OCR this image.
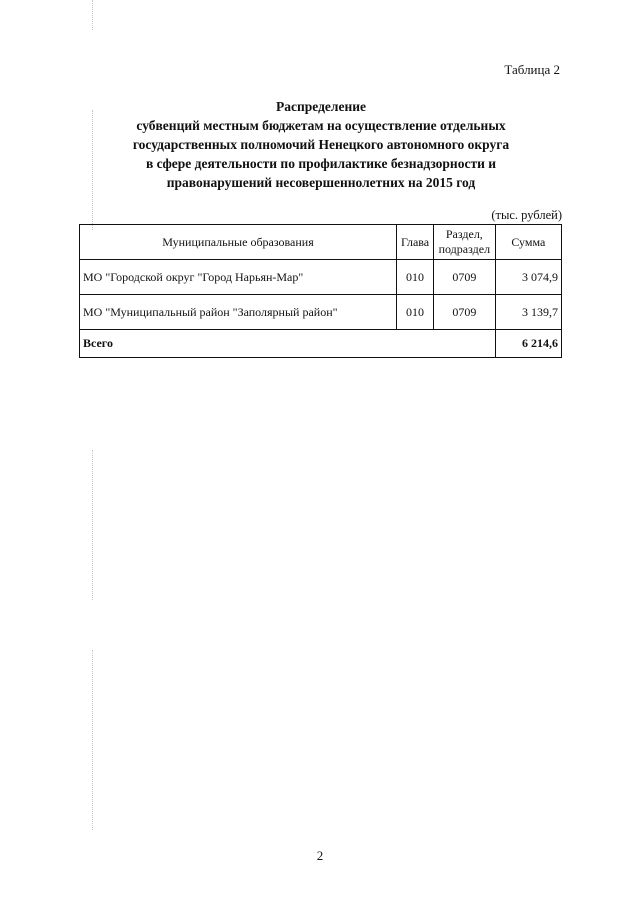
Таблица 2
Распределение
субвенций местным бюджетам на осуществление отдельных
государственных полномочий Ненецкого автономного округа
в сфере деятельности по профилактике безнадзорности и
правонарушений несовершеннолетних на 2015 год
(тыс. рублей)
Муниципальные образования	Глава	Раздел, подраздел	Сумма
МО "Городской округ "Город Нарьян-Мар"	010	0709	3 074,9
МО "Муниципальный район "Заполярный район"	010	0709	3 139,7
Всего			6 214,6
2
